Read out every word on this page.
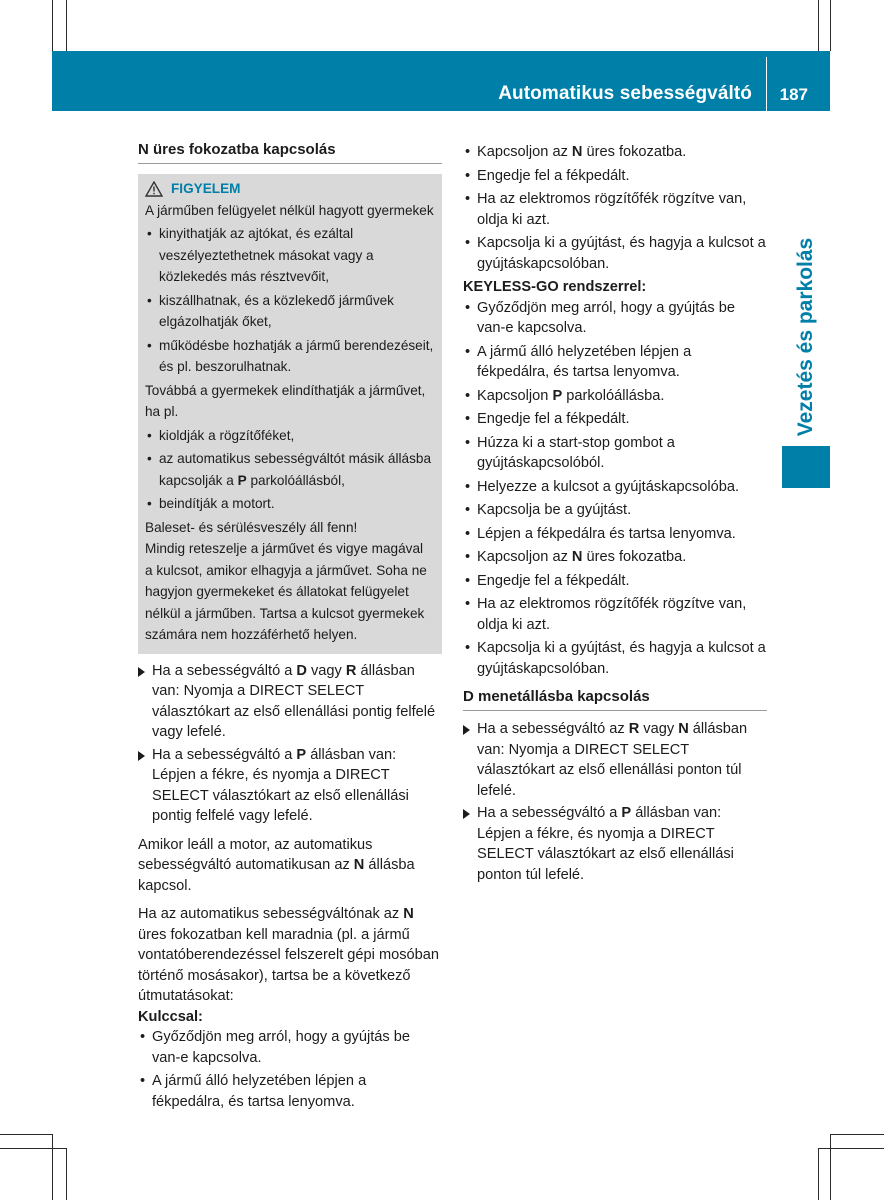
Automatikus sebességváltó 187
Vezetés és parkolás
N üres fokozatba kapcsolás
FIGYELEM

A járműben felügyelet nélkül hagyott gyermekek

• kinyithatják az ajtókat, és ezáltal veszélyeztethetnek másokat vagy a közlekedés más résztvevőit,
• kiszállhatnak, és a közlekedő járművek elgázolhatják őket,
• működésbe hozhatják a jármű berendezéseit, és pl. beszorulhatnak.

Továbbá a gyermekek elindíthatják a járművet, ha pl.

• kioldják a rögzítőféket,
• az automatikus sebességváltót másik állásba kapcsolják a P parkolóállásból,
• beindítják a motort.

Baleset- és sérülésveszély áll fenn!

Mindig reteszelje a járművet és vigye magával a kulcsot, amikor elhagyja a járművet. Soha ne hagyjon gyermekeket és állatokat felügyelet nélkül a járműben. Tartsa a kulcsot gyermekek számára nem hozzáférhető helyen.

Ha a sebességváltó a D vagy R állásban van: Nyomja a DIRECT SELECT választókart az első ellenállási pontig felfelé vagy lefelé.
Ha a sebességváltó a P állásban van: Lépjen a fékre, és nyomja a DIRECT SELECT választókart az első ellenállási pontig felfelé vagy lefelé.

Amikor leáll a motor, az automatikus sebességváltó automatikusan az N állásba kapcsol.

Ha az automatikus sebességváltónak az N üres fokozatban kell maradnia (pl. a jármű vontatóberendezéssel felszerelt gépi mosóban történő mosásakor), tartsa be a következő útmutatásokat:

Kulccsal:

• Győződjön meg arról, hogy a gyújtás be van-e kapcsolva.
• A jármű álló helyzetében lépjen a fékpedálra, és tartsa lenyomva.
• Kapcsoljon az N üres fokozatba.
• Engedje fel a fékpedált.
• Ha az elektromos rögzítőfék rögzítve van, oldja ki azt.
• Kapcsolja ki a gyújtást, és hagyja a kulcsot a gyújtáskapcsolóban.

KEYLESS-GO rendszerrel:

• Győződjön meg arról, hogy a gyújtás be van-e kapcsolva.
• A jármű álló helyzetében lépjen a fékpedálra, és tartsa lenyomva.
• Kapcsoljon P parkolóállásba.
• Engedje fel a fékpedált.
• Húzza ki a start-stop gombot a gyújtáskapcsolóból.
• Helyezze a kulcsot a gyújtáskapcsolóba.
• Kapcsolja be a gyújtást.
• Lépjen a fékpedálra és tartsa lenyomva.
• Kapcsoljon az N üres fokozatba.
• Engedje fel a fékpedált.
• Ha az elektromos rögzítőfék rögzítve van, oldja ki azt.
• Kapcsolja ki a gyújtást, és hagyja a kulcsot a gyújtáskapcsolóban.
D menetállásba kapcsolás
Ha a sebességváltó az R vagy N állásban van: Nyomja a DIRECT SELECT választókart az első ellenállási ponton túl lefelé.
Ha a sebességváltó a P állásban van: Lépjen a fékre, és nyomja a DIRECT SELECT választókart az első ellenállási ponton túl lefelé.
